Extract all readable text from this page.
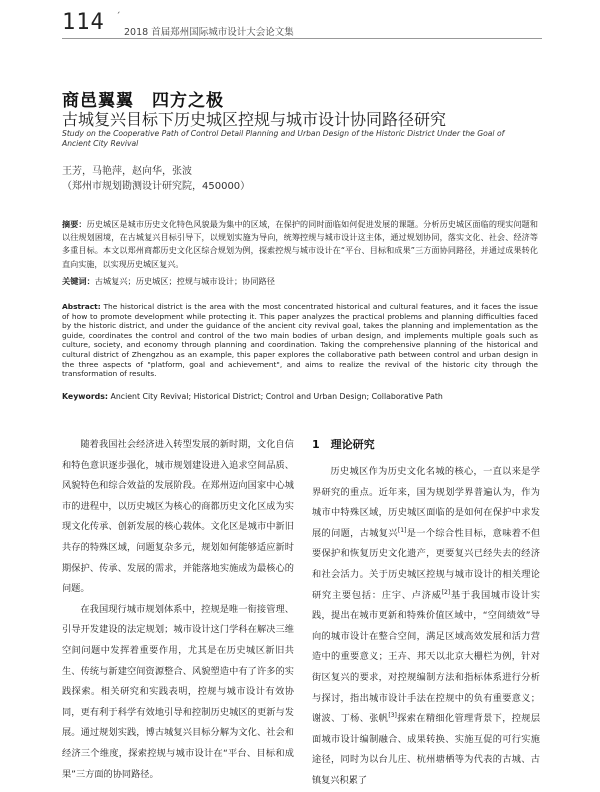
114 ˊ
2018 首届郑州国际城市设计大会论文集
商邑翼翼　四方之极
古城复兴目标下历史城区控规与城市设计协同路径研究
Study on the Cooperative Path of Control Detail Planning and Urban Design of the Historic District Under the Goal of Ancient City Revival
王芳，马艳萍，赵向华，张波
（郑州市规划勘测设计研究院，450000）
摘要：历史城区是城市历史文化特色风貌最为集中的区域，在保护的同时面临如何促进发展的课题。分析历史城区面临的现实问题和以往规划困境，在古城复兴目标引导下，以规划实施为导向，统筹控规与城市设计这主体，通过规划协同，落实文化、社会、经济等多重目标。本文以郑州商都历史文化区综合规划为例，探索控规与城市设计在“平台、目标和成果”三方面协同路径，并通过成果转化直向实施，以实现历史城区复兴。
关键词：古城复兴；历史城区；控规与城市设计；协同路径
Abstract: The historical district is the area with the most concentrated historical and cultural features, and it faces the issue of how to promote development while protecting it. This paper analyzes the practical problems and planning difficulties faced by the historic district, and under the guidance of the ancient city revival goal, takes the planning and implementation as the guide, coordinates the control and control of the two main bodies of urban design, and implements multiple goals such as culture, society, and economy through planning and coordination. Taking the comprehensive planning of the historical and cultural district of Zhengzhou as an example, this paper explores the collaborative path between control and urban design in the three aspects of "platform, goal and achievement", and aims to realize the revival of the historic city through the transformation of results.
Keywords: Ancient City Revival; Historical District; Control and Urban Design; Collaborative Path

随着我国社会经济进入转型发展的新时期，文化自信和特色意识逐步强化，城市规划建设进入追求空间品质、风貌特色和综合效益的发展阶段。在郑州迈向国家中心城市的进程中，以历史城区为核心的商都历史文化区成为实现文化传承、创新发展的核心载体。文化区是城市中新旧共存的特殊区域，问题复杂多元，规划如何能够适应新时期保护、传承、发展的需求，并能落地实施成为最核心的问题。

在我国现行城市规划体系中，控规是唯一衔接管理、引导开发建设的法定规划；城市设计这门学科在解决三维空间问题中发挥着重要作用，尤其是在历史城区新旧共生、传统与新建空间资源整合、风貌塑造中有了许多的实践探索。相关研究和实践表明，控规与城市设计有效协同，更有利于科学有效地引导和控制历史城区的更新与发展。通过规划实践，博古城复兴目标分解为文化、社会和经济三个维度，探索控规与城市设计在“平台、目标和成果”三方面的协同路径。

1　理论研究

历史城区作为历史文化名城的核心，一直以来是学界研究的重点。近年来，国为规划学界普遍认为，作为城市中特殊区域，历史城区面临的是如何在保护中求发展的问题，古城复兴[1]是一个综合性目标，意味着不但要保护和恢复历史文化遗产，更要复兴已经失去的经济和社会活力。关于历史城区控规与城市设计的相关理论研究主要包括：庄宇、卢济威[2]基于我国城市设计实践，提出在城市更新和特殊价值区域中，“空间绩效”导向的城市设计在整合空间，满足区域高效发展和活力营造中的重要意义；王卉、邦天以北京大栅栏为例，针对街区复兴的要求，对控规编制方法和指标体系进行分析与探讨，指出城市设计手法在控规中的负有重要意义；谢波、丁杨、张帆[3]探索在精细化管理背景下，控规层面城市设计编制融合、成果转换、实施互促的可行实施途径，同时为以台儿庄、杭州塘栖等为代表的古城、古镇复兴积累了
